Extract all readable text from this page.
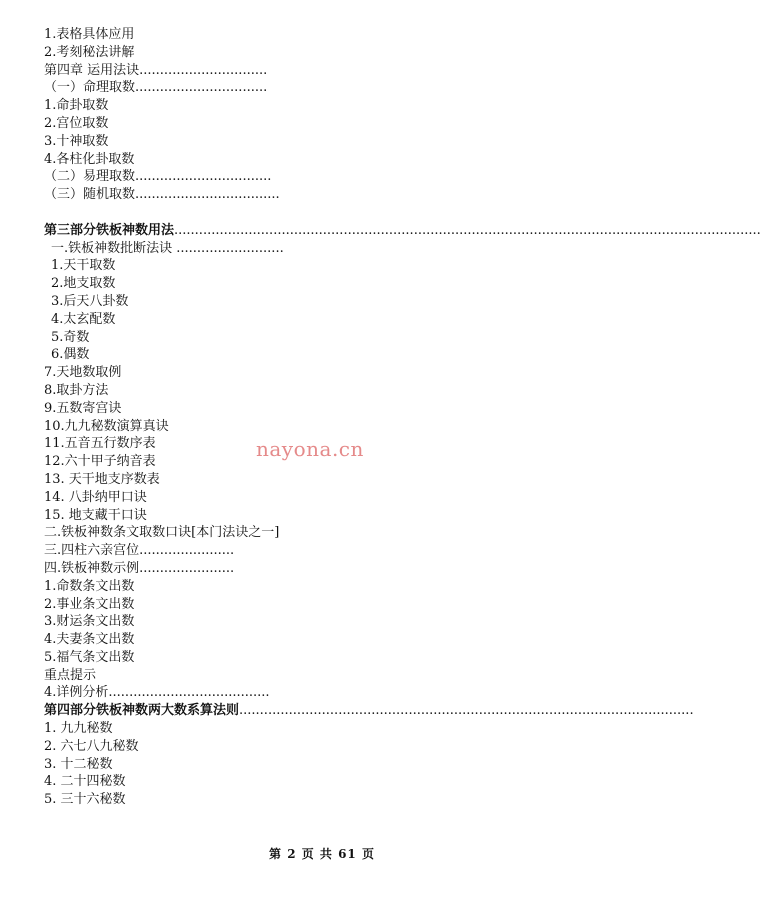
1.表格具体应用
2.考刻秘法讲解
第四章 运用法诀...............................
（一）命理取数................................
1.命卦取数
2.宫位取数
3.十神取数
4.各柱化卦取数
（二）易理取数.................................
（三）随机取数...................................
第三部分铁板神数用法..............................................................................................................................................
一.铁板神数批断法诀 ..........................
1.天干取数
2.地支取数
3.后天八卦数
4.太玄配数
5.奇数
6.偶数
7.天地数取例
8.取卦方法
9.五数寄宫诀
10.九九秘数演算真诀
11.五音五行数序表
12.六十甲子纳音表
13. 天干地支序数表
14. 八卦纳甲口诀
15. 地支藏干口诀
二.铁板神数条文取数口诀[本门法诀之一]
三.四柱六亲宫位.......................
四.铁板神数示例.......................
1.命数条文出数
2.事业条文出数
3.财运条文出数
4.夫妻条文出数
5.福气条文出数
重点提示
4.详例分析.......................................
第四部分铁板神数两大数系算法则..............................................................................................................
1. 九九秘数
2. 六七八九秘数
3. 十二秘数
4. 二十四秘数
5. 三十六秘数
nayona.cn
第 2 页 共 61 页
